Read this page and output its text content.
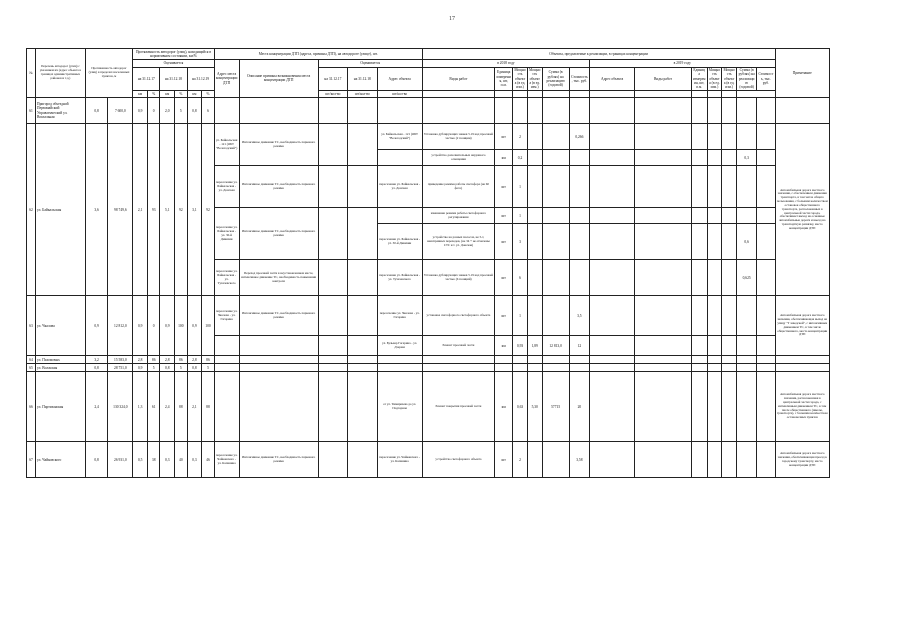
17
№	Перечень автодорог (улиц) с указанием их (адрес объекта в границах административных районов и т.д.)	Протяженность автодорог (улиц) в пределах населенных пунктов, м		Протяженность автодорог (улиц), находящийся в нормативном состоянии, км/%						Места концентрации ДТП (адреса, причины ДТП), на автодороге (улице), шт.					Объекты, предлагаемые к реализации, в границах концентрации													Примечание
				Оценивается						Адрес места концентрации ДТП	Описание причины возникновения места концентрации ДТП	Оценивается			в 2018 году						в 2019 году							
				на 31.12.17		на 31.12.18		на 31.12.19				на 31.12.17	на 31.12.18	Адрес объекта	Виды работ	Единица измерения, шт, п.м.	Мощность объекта (в ед. изм.)	Мощность объекта (в ед. изм.)	Сумма (в рублях) на реализацию (годовой)	Стоимость, тыс. руб.	Адрес объекта	Виды работ	Единица измерения, шт, п.м.	Мощность объекта (в ед. изм.)	Мощность объекта (в ед. изм.)	Сумма (в рублях) на реализацию (годовой)	Стоимость, тыс. руб.	
				км	%	км	%	км	%			шт/кол-во	шт/кол-во	шт/кол-во														
61	Пригород объездной Первомайский Управленческий ул. Вокзальная	0,8	7 600,0	0,9	0	2,0	5	0,8	6																			
62	ул. Байкальская	3,6	98 749,6	2,1	93	5,1	92	3,1	92	ул. Байкальская - 121 (ОБТ "Вологодский")	Интенсивное движение ТС, необходимость паркового режима			ул. Байкальская - 121 (ОБТ "Вологодский")	Установка дублирующих знаков 5.19 над проезжей частью (2 позиции)	шт	2			0,266								Автомобильная дорога местного значения, с обеспечением движения транспорта, в том числе общего пользования, с большим количеством остановок общественного транспорта, расположенных в центральной части города, обеспечивает выход на основные автомобильные дороги и выезд на транспортную развязку, место концентрации ДТП
															устройство дополнительных наружного освещения	км	0,2									0,3		
										пересечение ул. Байкальская - ул. Донская	Интенсивное движение ТС, необходимость паркового режима			пересечение ул. Байкальская - ул. Донская	приведение режима работы светофора (на 60 фото)	шт	1											
										пересечение ул. Байкальская - ул. 30-й Дивизии	Интенсивное движение ТС, необходимость паркового режима				изменение режима работы светофорного регулирования	шт	1											
														пересечение ул. Байкальская - ул. 30-й Дивизии	устройство на разных полосах, не 5-т, неисправных переходов, (не 34 + не отмечены СТС и т. ул. Донская)	шт	3									0,6		
										пересечение ул. Байкальская - ул. Тухачевского	Переход проезжей части в неустановленном месте, интенсивное движение ТС, необходимость повышения контроля			пересечение ул. Байкальская - ул. Тухачевского	Установка дублирующих знаков 5.19 над проезжей частью (6 позиций)	шт	6									0,625		
63	ул. Чкалова	0,9	12 812,0	0,9	0	0,9	100	0,9	100	пересечение ул. Чкалова - ул. Гагарина	Интенсивное движение ТС, необходимость паркового режима			пересечение ул. Чкалова - ул. Гагарина	установка светофорного светофорного объекта	шт	1			3,5								Автомобильная дорога местного значения, обеспечивающая выход на улицу "Т заводской", с интенсивным движением ТС, в том числе общественного, место концентрации ДТП
														ул. Бульвар Гагарина - ул. Дзержи	Ремонт проезжей части	км	0,93	1,89	12 813,0	12								
64	ул. Пахомовых	3,2	15 583,0	2,8	86	2,8	86	2,8	86																			
65	ул. Волжская	0,8	28 751,0	0,9	5	0,8	5	0,8	5																			
66	ул. Партизанская	2,4	130 324,0	1,3	61	2,4	88	2,1	88					от ул. Тимирязева до ул. Подгорная	Ремонт покрытия проезжей части	км	0,63	5,30	57715	20								Автомобильная дорога местного значения, расположенная в центральной части города, с интенсивным движением ТС, в том числе общественного (школы, транспорта), с большим количеством остановочных пунктов
67	ул. Чайковского	0,8	26 931,0	0,5	38	0,3	40	0,3	46	пересечение ул. Чайковского - ул. Калинина	Интенсивное движение ТС, необходимость паркового режима			пересечение ул. Чайковского - ул. Калинина	устройство светофорного объекта	шт	2			3,58								Автомобильная дорога местного значения, обеспечивающая проезд к городскому транспорту, место концентрации ДТП
